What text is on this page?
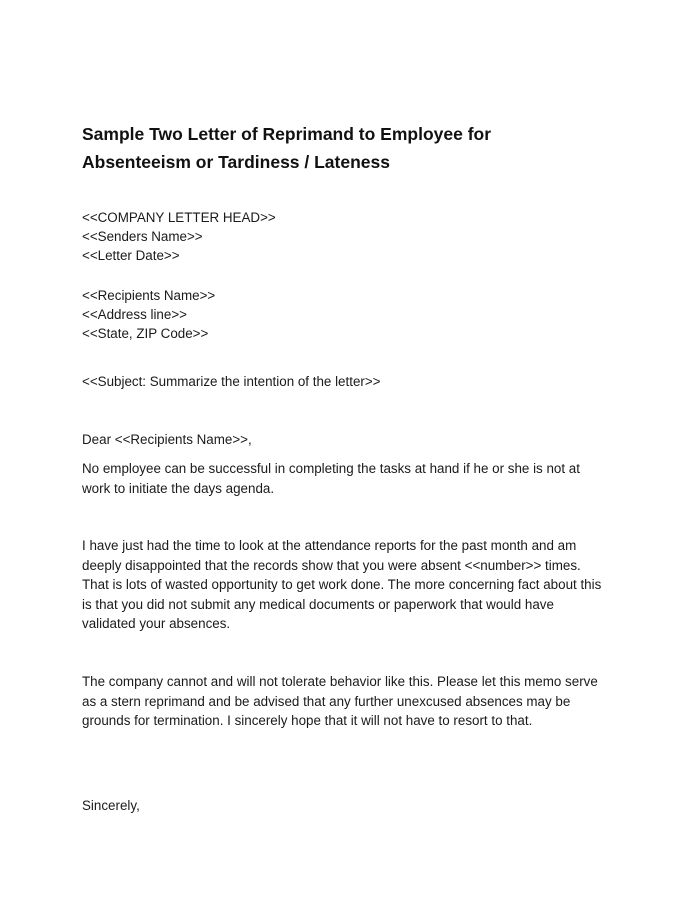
Sample Two Letter of Reprimand to Employee for
Absenteeism or Tardiness / Lateness
<<COMPANY LETTER HEAD>>
<<Senders Name>>
<<Letter Date>>
<<Recipients Name>>
<<Address line>>
<<State, ZIP Code>>
<<Subject: Summarize the intention of the letter>>
Dear <<Recipients Name>>,

No employee can be successful in completing the tasks at hand if he or she is not at work to initiate the days agenda.

I have just had the time to look at the attendance reports for the past month and am deeply disappointed that the records show that you were absent <<number>> times. That is lots of wasted opportunity to get work done. The more concerning fact about this is that you did not submit any medical documents or paperwork that would have validated your absences.

The company cannot and will not tolerate behavior like this. Please let this memo serve as a stern reprimand and be advised that any further unexcused absences may be grounds for termination. I sincerely hope that it will not have to resort to that.

Sincerely,
